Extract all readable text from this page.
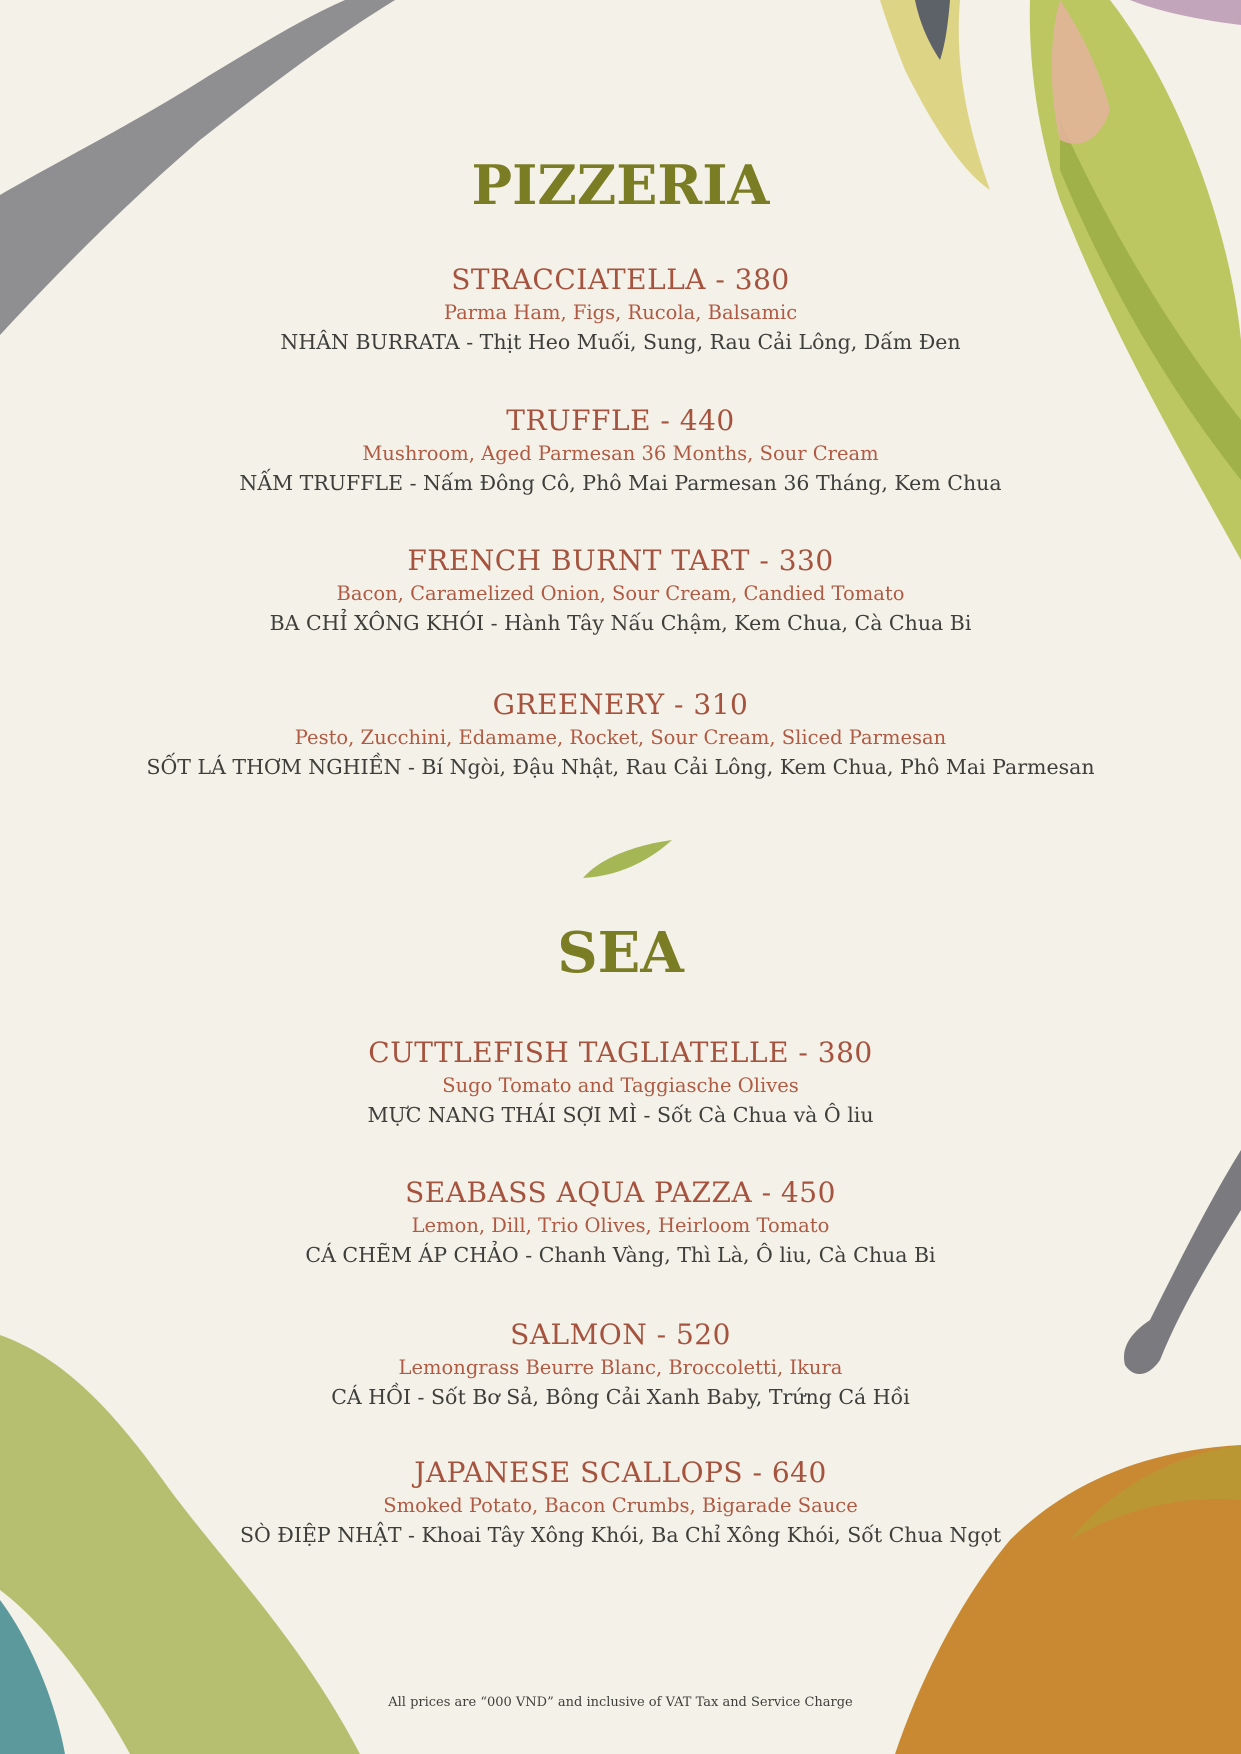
PIZZERIA
STRACCIATELLA - 380
Parma Ham, Figs, Rucola, Balsamic
NHÂN BURRATA - Thịt Heo Muối, Sung, Rau Cải Lông, Dấm Đen
TRUFFLE - 440
Mushroom, Aged Parmesan 36 Months, Sour Cream
NẤM TRUFFLE - Nấm Đông Cô, Phô Mai Parmesan 36 Tháng, Kem Chua
FRENCH BURNT TART - 330
Bacon, Caramelized Onion, Sour Cream, Candied Tomato
BA CHỈ XÔNG KHÓI - Hành Tây Nấu Chậm, Kem Chua, Cà Chua Bi
GREENERY - 310
Pesto, Zucchini, Edamame, Rocket, Sour Cream, Sliced Parmesan
SỐT LÁ THƠM NGHIỀN - Bí Ngòi, Đậu Nhật, Rau Cải Lông, Kem Chua, Phô Mai Parmesan
SEA
CUTTLEFISH TAGLIATELLE - 380
Sugo Tomato and Taggiasche Olives
MỰC NANG THÁI SỢI MÌ - Sốt Cà Chua và Ô liu
SEABASS AQUA PAZZA - 450
Lemon, Dill, Trio Olives, Heirloom Tomato
CÁ CHẼM ÁP CHẢO - Chanh Vàng, Thì Là, Ô liu, Cà Chua Bi
SALMON - 520
Lemongrass Beurre Blanc, Broccoletti, Ikura
CÁ HỒI - Sốt Bơ Sả, Bông Cải Xanh Baby, Trứng Cá Hồi
JAPANESE SCALLOPS - 640
Smoked Potato, Bacon Crumbs, Bigarade Sauce
SÒ ĐIỆP NHẬT - Khoai Tây Xông Khói, Ba Chỉ Xông Khói, Sốt Chua Ngọt
All prices are “000 VND” and inclusive of VAT Tax and Service Charge
